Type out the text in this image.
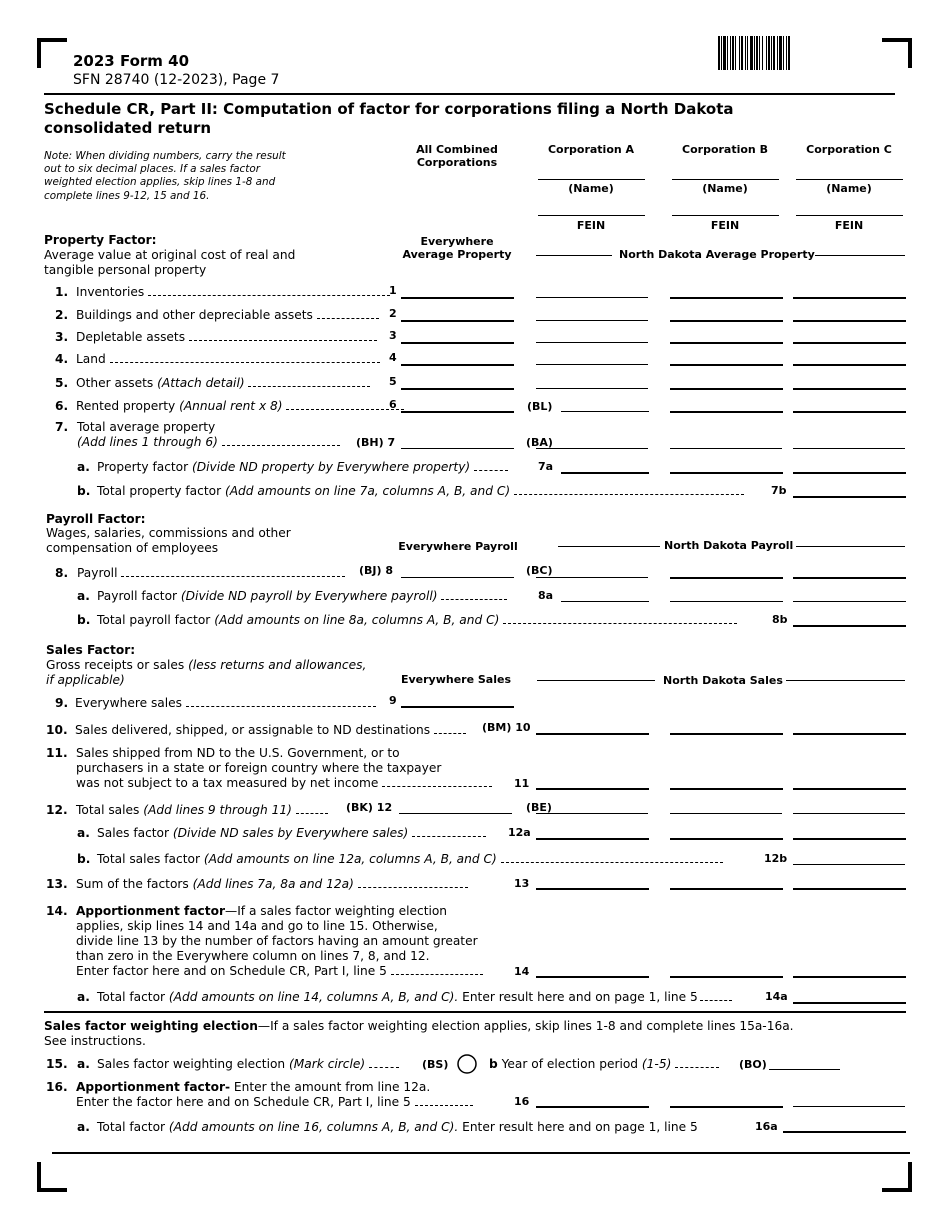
2023 Form 40
SFN 28740 (12-2023), Page 7
Schedule CR, Part II: Computation of factor for corporations filing a North Dakota
consolidated return
Note: When dividing numbers, carry the result
out to six decimal places. If a sales factor
weighted election applies, skip lines 1-8 and
complete lines 9-12, 15 and 16.
All Combined
Corporations
Corporation A	Corporation B	Corporation C
(Name)	(Name)	(Name)
FEIN	FEIN	FEIN
Property Factor:
Average value at original cost of real and
tangible personal property
Everywhere
Average Property	North Dakota Average Property
1. Inventories	1
2. Buildings and other depreciable assets	2
3. Depletable assets	3
4. Land	4
5. Other assets (Attach detail)	5
6. Rented property (Annual rent x 8)	6	(BL)
7. Total average property
(Add lines 1 through 6)	(BH) 7	(BA)
a. Property factor (Divide ND property by Everywhere property)	7a
b. Total property factor (Add amounts on line 7a, columns A, B, and C)	7b
Payroll Factor:
Wages, salaries, commissions and other
compensation of employees	Everywhere Payroll	North Dakota Payroll
8. Payroll	(BJ) 8	(BC)
a. Payroll factor (Divide ND payroll by Everywhere payroll)	8a
b. Total payroll factor (Add amounts on line 8a, columns A, B, and C)	8b
Sales Factor:
Gross receipts or sales (less returns and allowances,
if applicable)	Everywhere Sales	North Dakota Sales
9. Everywhere sales	9
10. Sales delivered, shipped, or assignable to ND destinations	(BM) 10
11. Sales shipped from ND to the U.S. Government, or to
purchasers in a state or foreign country where the taxpayer
was not subject to a tax measured by net income	11
12. Total sales (Add lines 9 through 11)	(BK) 12	(BE)
a. Sales factor (Divide ND sales by Everywhere sales)	12a
b. Total sales factor (Add amounts on line 12a, columns A, B, and C)	12b
13. Sum of the factors (Add lines 7a, 8a and 12a)	13
14. Apportionment factor—If a sales factor weighting election
applies, skip lines 14 and 14a and go to line 15. Otherwise,
divide line 13 by the number of factors having an amount greater
than zero in the Everywhere column on lines 7, 8, and 12.
Enter factor here and on Schedule CR, Part I, line 5	14
a. Total factor (Add amounts on line 14, columns A, B, and C). Enter result here and on page 1, line 5	14a
Sales factor weighting election—If a sales factor weighting election applies, skip lines 1-8 and complete lines 15a-16a.
See instructions.
15. a. Sales factor weighting election (Mark circle)	(BS)	b Year of election period (1-5)	(BO)
16. Apportionment factor- Enter the amount from line 12a.
Enter the factor here and on Schedule CR, Part I, line 5	16
a. Total factor (Add amounts on line 16, columns A, B, and C). Enter result here and on page 1, line 5	16a
